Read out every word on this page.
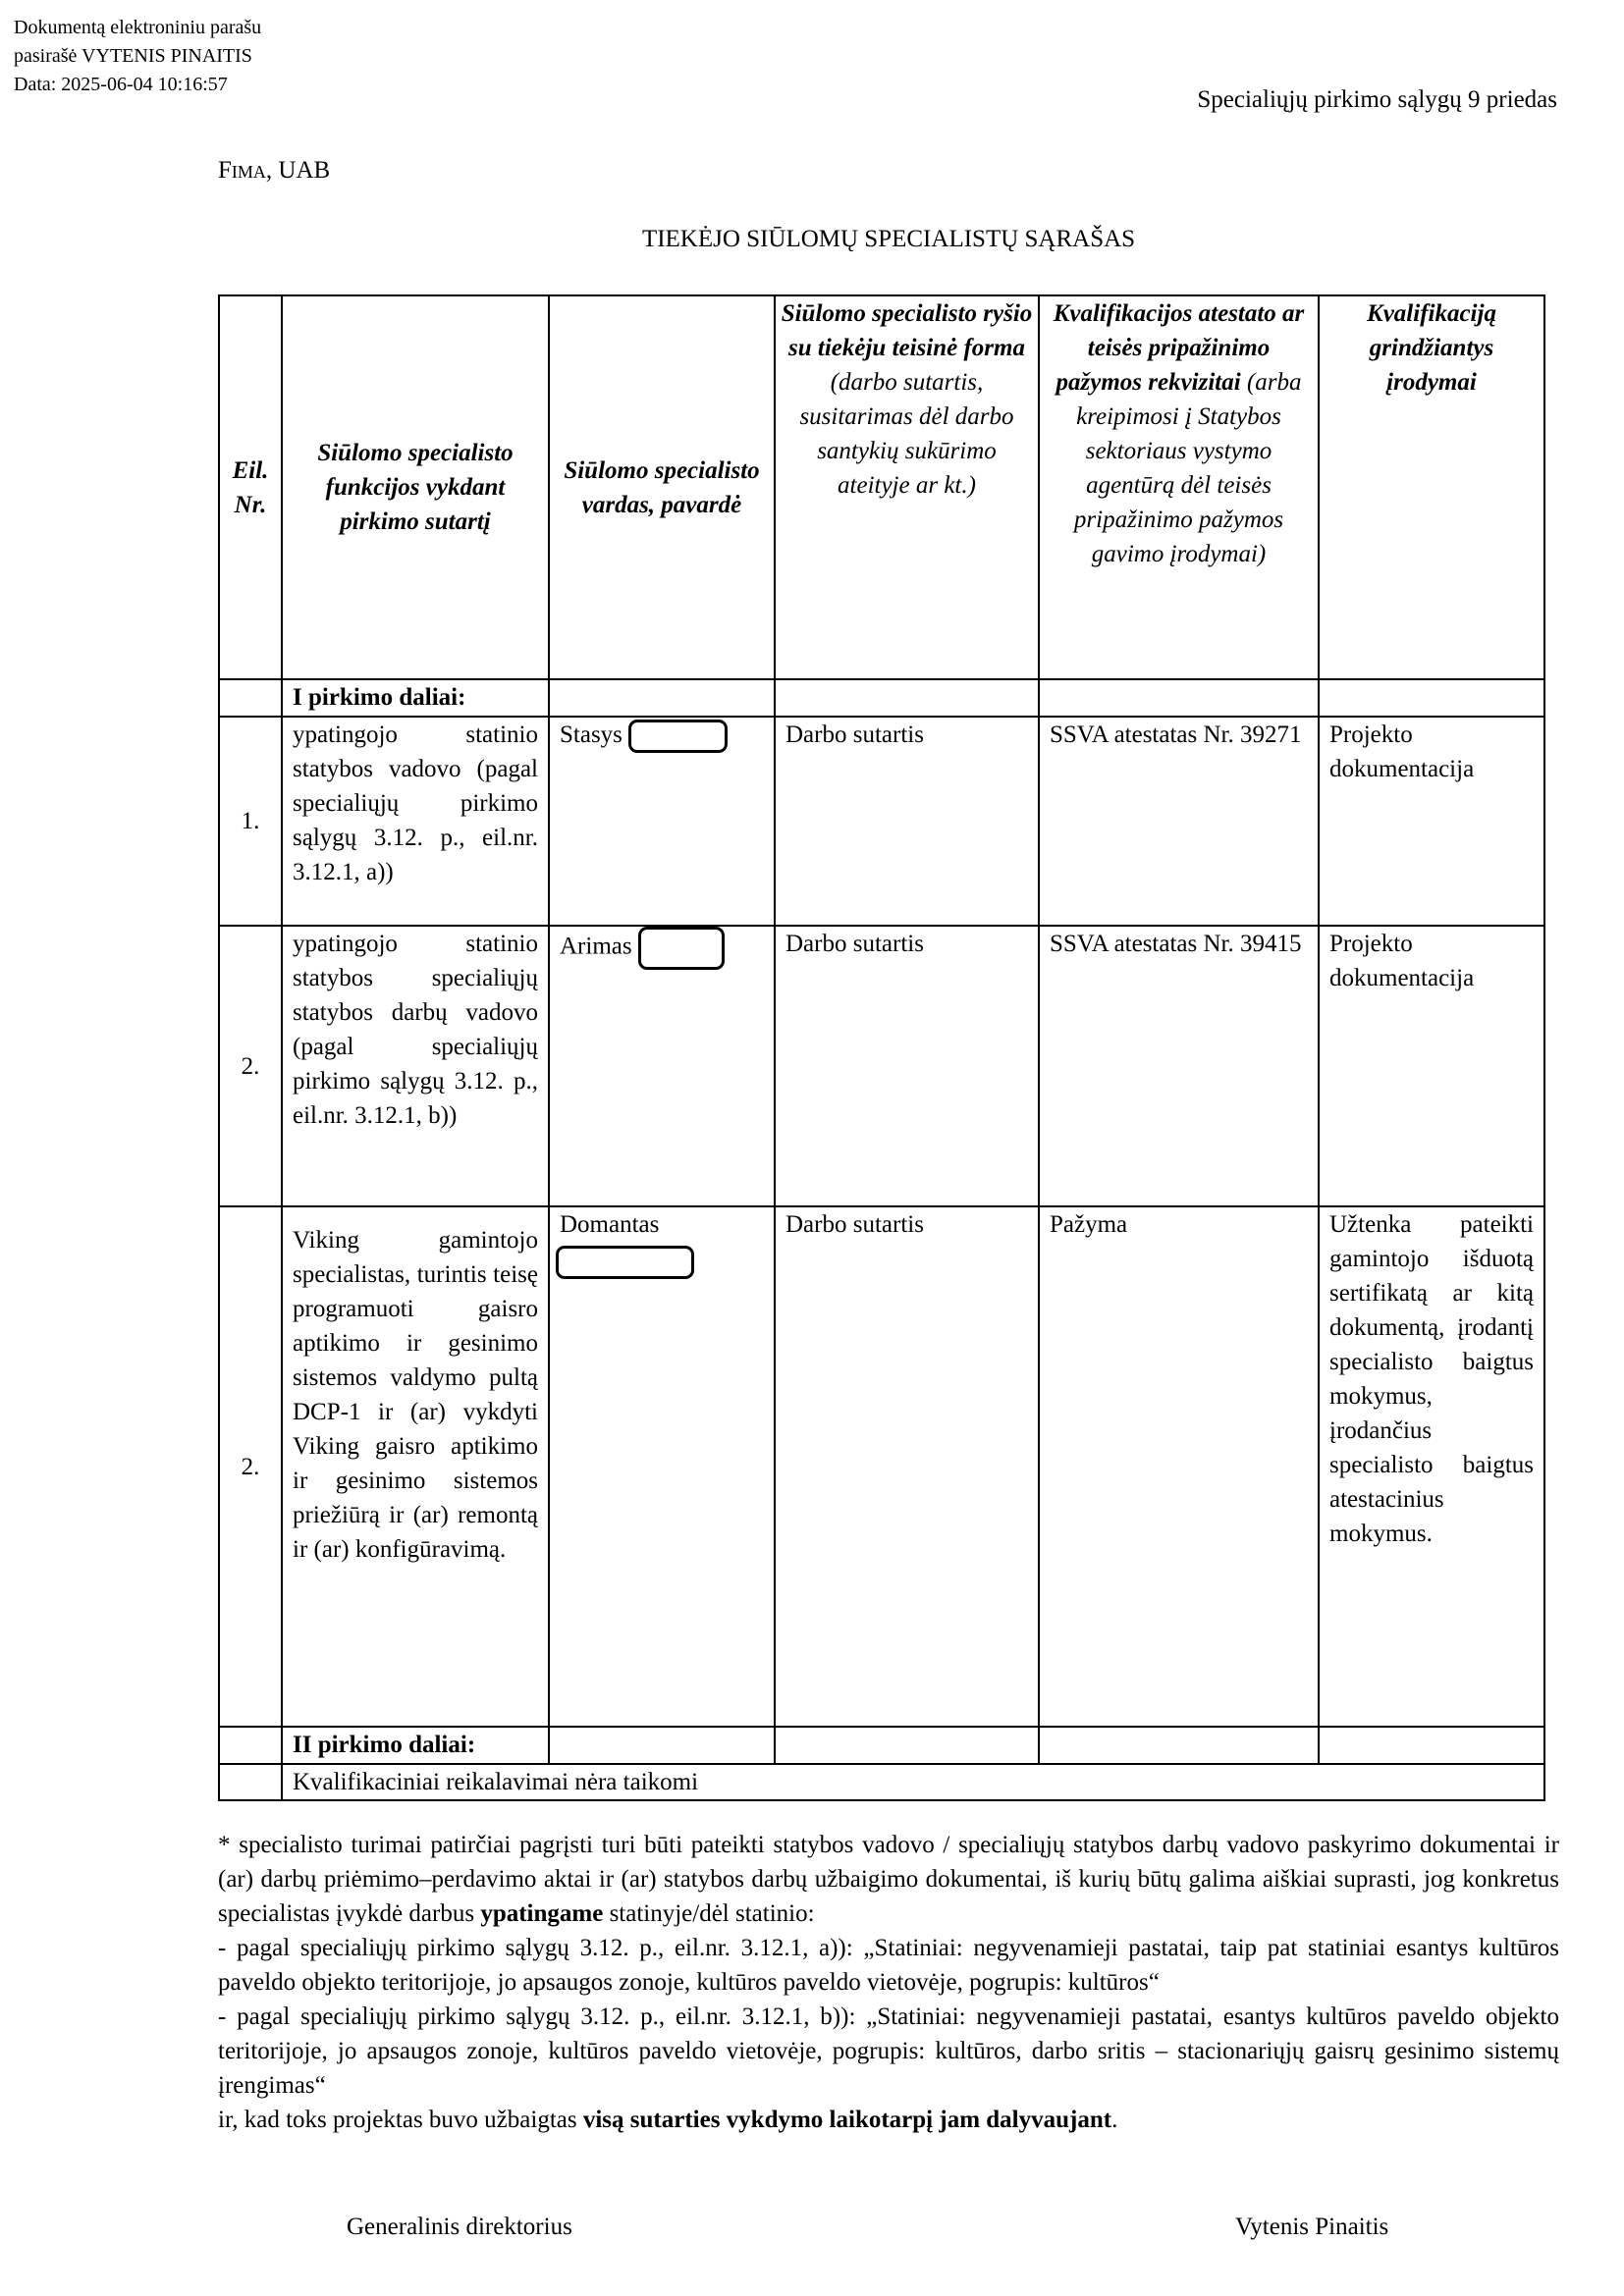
Dokumentą elektroniniu parašu
pasirašė VYTENIS PINAITIS
Data: 2025-06-04 10:16:57
Specialiųjų pirkimo sąlygų 9 priedas
Fima, UAB
TIEKĖJO SIŪLOMŲ SPECIALISTŲ SĄRAŠAS
Eil. Nr.	Siūlomo specialisto funkcijos vykdant pirkimo sutartį	Siūlomo specialisto vardas, pavardė	Siūlomo specialisto ryšio su tiekėju teisinė forma (darbo sutartis, susitarimas dėl darbo santykių sukūrimo ateityje ar kt.)	Kvalifikacijos atestato ar teisės pripažinimo pažymos rekvizitai (arba kreipimosi į Statybos sektoriaus vystymo agentūrą dėl teisės pripažinimo pažymos gavimo įrodymai)	Kvalifikaciją grindžiantys įrodymai
	I pirkimo daliai:				
1.	ypatingojo statinio statybos vadovo (pagal specialiųjų pirkimo sąlygų 3.12. p., eil.nr. 3.12.1, a))	Stasys	Darbo sutartis	SSVA atestatas Nr. 39271	Projekto dokumentacija
2.	ypatingojo statinio statybos specialiųjų statybos darbų vadovo (pagal specialiųjų pirkimo sąlygų 3.12. p., eil.nr. 3.12.1, b))	Arimas	Darbo sutartis	SSVA atestatas Nr. 39415	Projekto dokumentacija
2.	Viking gamintojo specialistas, turintis teisę programuoti gaisro aptikimo ir gesinimo sistemos valdymo pultą DCP-1 ir (ar) vykdyti Viking gaisro aptikimo ir gesinimo sistemos priežiūrą ir (ar) remontą ir (ar) konfigūravimą.	Domantas	Darbo sutartis	Pažyma	Užtenka pateikti gamintojo išduotą sertifikatą ar kitą dokumentą, įrodantį specialisto baigtus mokymus, įrodančius specialisto baigtus atestacinius mokymus.
	II pirkimo daliai:				
	Kvalifikaciniai reikalavimai nėra taikomi				

* specialisto turimai patirčiai pagrįsti turi būti pateikti statybos vadovo / specialiųjų statybos darbų vadovo paskyrimo dokumentai ir (ar) darbų priėmimo–perdavimo aktai ir (ar) statybos darbų užbaigimo dokumentai, iš kurių būtų galima aiškiai suprasti, jog konkretus specialistas įvykdė darbus ypatingame statinyje/dėl statinio:

- pagal specialiųjų pirkimo sąlygų 3.12. p., eil.nr. 3.12.1, a)): „Statiniai: negyvenamieji pastatai, taip pat statiniai esantys kultūros paveldo objekto teritorijoje, jo apsaugos zonoje, kultūros paveldo vietovėje, pogrupis: kultūros“

- pagal specialiųjų pirkimo sąlygų 3.12. p., eil.nr. 3.12.1, b)): „Statiniai: negyvenamieji pastatai, esantys kultūros paveldo objekto teritorijoje, jo apsaugos zonoje, kultūros paveldo vietovėje, pogrupis: kultūros, darbo sritis – stacionariųjų gaisrų gesinimo sistemų įrengimas“

ir, kad toks projektas buvo užbaigtas visą sutarties vykdymo laikotarpį jam dalyvaujant.

Generalinis direktorius	Vytenis Pinaitis
